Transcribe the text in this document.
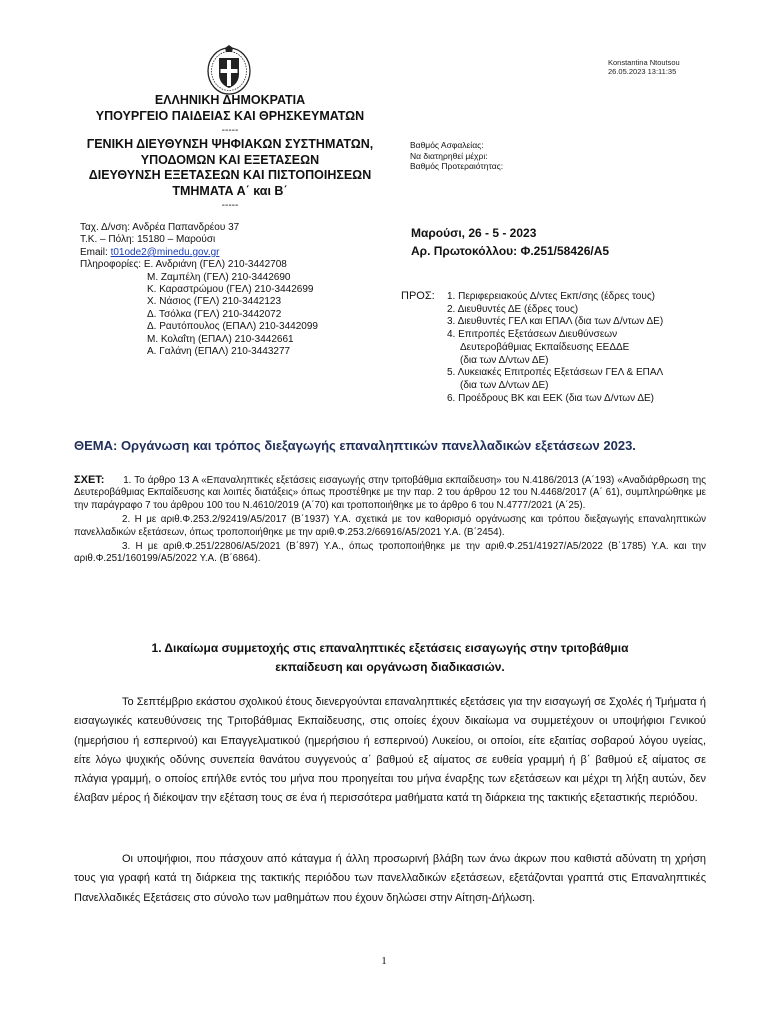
Konstantina Ntoutsou
26.05.2023 13:11:35
ΕΛΛΗΝΙΚΗ ΔΗΜΟΚΡΑΤΙΑ
ΥΠΟΥΡΓΕΙΟ ΠΑΙΔΕΙΑΣ ΚΑΙ ΘΡΗΣΚΕΥΜΑΤΩΝ
-----
ΓΕΝΙΚΗ ΔΙΕΥΘΥΝΣΗ ΨΗΦΙΑΚΩΝ ΣΥΣΤΗΜΑΤΩΝ,
ΥΠΟΔΟΜΩΝ ΚΑΙ ΕΞΕΤΑΣΕΩΝ
ΔΙΕΥΘΥΝΣΗ ΕΞΕΤΑΣΕΩΝ ΚΑΙ ΠΙΣΤΟΠΟΙΗΣΕΩΝ
ΤΜΗΜΑΤΑ Α΄ και Β΄
-----
Βαθμός Ασφαλείας:
Να διατηρηθεί μέχρι:
Βαθμός Προτεραιότητας:
Ταχ. Δ/νση: Ανδρέα Παπανδρέου 37
Τ.Κ. – Πόλη: 15180 – Μαρούσι
Email: t01ode2@minedu.gov.gr
Πληροφορίες: Ε. Ανδριάνη (ΓΕΛ) 210-3442708
Μ. Ζαμπέλη (ΓΕΛ) 210-3442690
Κ. Καραστρώμου (ΓΕΛ) 210-3442699
Χ. Νάσιος (ΓΕΛ) 210-3442123
Δ. Τσόλκα (ΓΕΛ) 210-3442072
Δ. Ραυτόπουλος (ΕΠΑΛ) 210-3442099
Μ. Κολαΐτη (ΕΠΑΛ) 210-3442661
Α. Γαλάνη (ΕΠΑΛ) 210-3443277
Μαρούσι, 26 - 5 - 2023
Αρ. Πρωτοκόλλου: Φ.251/58426/Α5
ΠΡΟΣ: 1. Περιφερειακούς Δ/ντες Εκπ/σης (έδρες τους)
2. Διευθυντές ΔΕ (έδρες τους)
3. Διευθυντές ΓΕΛ και ΕΠΑΛ (δια των Δ/ντων ΔΕ)
4. Επιτροπές Εξετάσεων Διευθύνσεων
Δευτεροβάθμιας Εκπαίδευσης ΕΕΔΔΕ
(δια των Δ/ντων ΔΕ)
5. Λυκειακές Επιτροπές Εξετάσεων ΓΕΛ & ΕΠΑΛ
(δια των Δ/ντων ΔΕ)
6. Προέδρους ΒΚ και ΕΕΚ (δια των Δ/ντων ΔΕ)
ΘΕΜΑ: Οργάνωση και τρόπος διεξαγωγής επαναληπτικών πανελλαδικών εξετάσεων 2023.

ΣΧΕΤ: 1. Το άρθρο 13 Α «Επαναληπτικές εξετάσεις εισαγωγής στην τριτοβάθμια εκπαίδευση» του Ν.4186/2013 (Α΄193) «Αναδιάρθρωση της Δευτεροβάθμιας Εκπαίδευσης και λοιπές διατάξεις» όπως προστέθηκε με την παρ. 2 του άρθρου 12 του Ν.4468/2017 (Α΄ 61), συμπληρώθηκε με την παράγραφο 7 του άρθρου 100 του Ν.4610/2019 (Α΄70) και τροποποιήθηκε με το άρθρο 6 του Ν.4777/2021 (Α΄25).

2. Η με αριθ.Φ.253.2/92419/Α5/2017 (Β΄1937) Υ.Α. σχετικά με τον καθορισμό οργάνωσης και τρόπου διεξαγωγής επαναληπτικών πανελλαδικών εξετάσεων, όπως τροποποιήθηκε με την αριθ.Φ.253.2/66916/Α5/2021 Υ.Α. (Β΄2454).

3. Η με αριθ.Φ.251/22806/Α5/2021 (Β΄897) Υ.Α., όπως τροποποιήθηκε με την αριθ.Φ.251/41927/Α5/2022 (Β΄1785) Υ.Α. και την αριθ.Φ.251/160199/Α5/2022 Υ.Α. (Β΄6864).

1. Δικαίωμα συμμετοχής στις επαναληπτικές εξετάσεις εισαγωγής στην τριτοβάθμια
εκπαίδευση και οργάνωση διαδικασιών.

Το Σεπτέμβριο εκάστου σχολικού έτους διενεργούνται επαναληπτικές εξετάσεις για την εισαγωγή σε Σχολές ή Τμήματα ή εισαγωγικές κατευθύνσεις της Τριτοβάθμιας Εκπαίδευσης, στις οποίες έχουν δικαίωμα να συμμετέχουν οι υποψήφιοι Γενικού (ημερήσιου ή εσπερινού) και Επαγγελματικού (ημερήσιου ή εσπερινού) Λυκείου, οι οποίοι, είτε εξαιτίας σοβαρού λόγου υγείας, είτε λόγω ψυχικής οδύνης συνεπεία θανάτου συγγενούς α΄ βαθμού εξ αίματος σε ευθεία γραμμή ή β΄ βαθμού εξ αίματος σε πλάγια γραμμή, ο οποίος επήλθε εντός του μήνα που προηγείται του μήνα έναρξης των εξετάσεων και μέχρι τη λήξη αυτών, δεν έλαβαν μέρος ή διέκοψαν την εξέταση τους σε ένα ή περισσότερα μαθήματα κατά τη διάρκεια της τακτικής εξεταστικής περιόδου.

Οι υποψήφιοι, που πάσχουν από κάταγμα ή άλλη προσωρινή βλάβη των άνω άκρων που καθιστά αδύνατη τη χρήση τους για γραφή κατά τη διάρκεια της τακτικής περιόδου των πανελλαδικών εξετάσεων, εξετάζονται γραπτά στις Επαναληπτικές Πανελλαδικές Εξετάσεις στο σύνολο των μαθημάτων που έχουν δηλώσει στην Αίτηση-Δήλωση.

1
